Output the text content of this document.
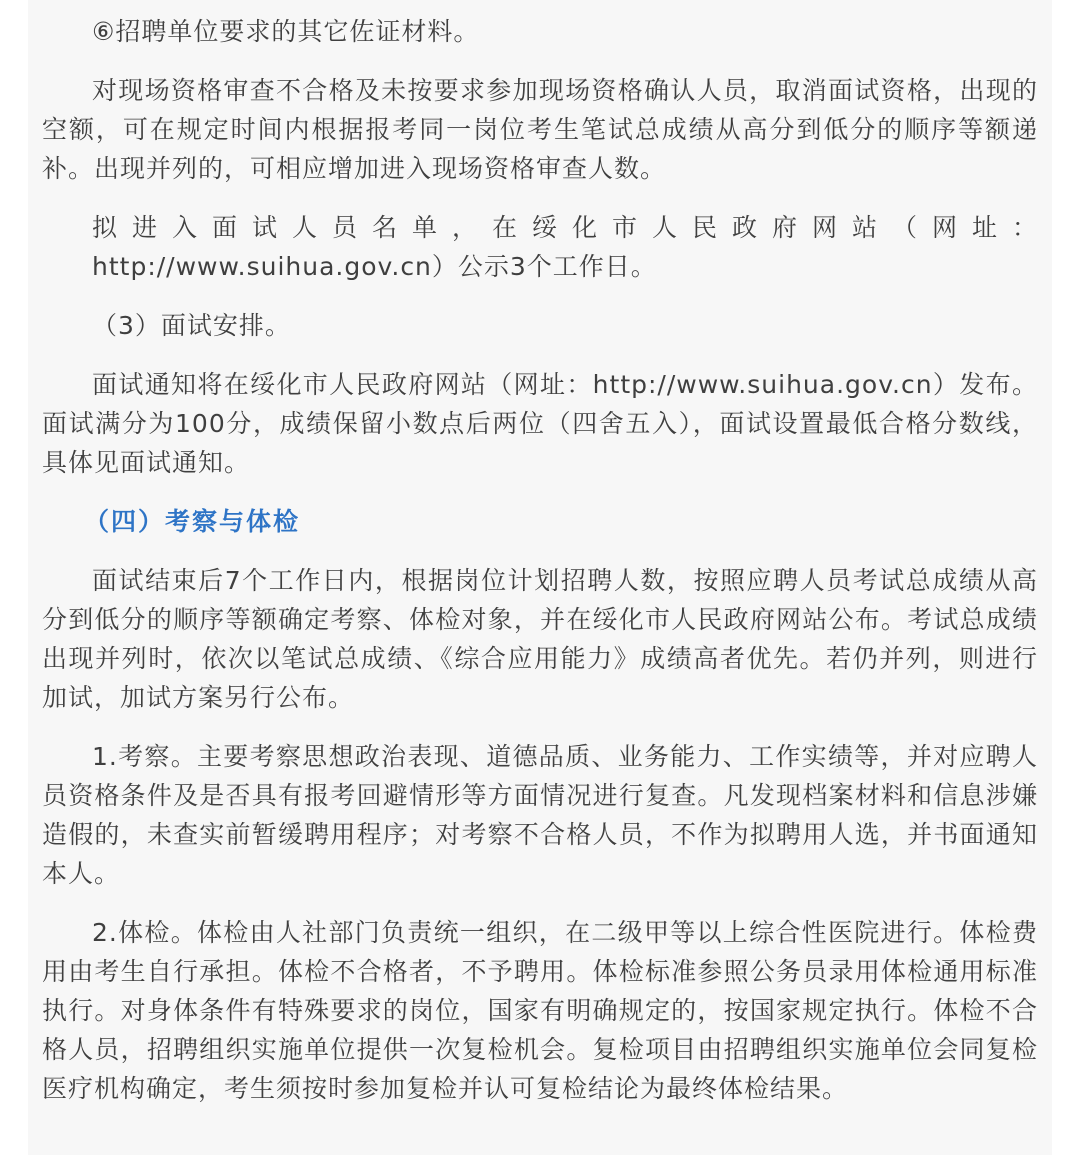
⑥招聘单位要求的其它佐证材料。

对现场资格审查不合格及未按要求参加现场资格确认人员，取消面试资格，出现的空额，可在规定时间内根据报考同一岗位考生笔试总成绩从高分到低分的顺序等额递补。出现并列的，可相应增加进入现场资格审查人数。

拟进入面试人员名单，在绥化市人民政府网站（网址：
http://www.suihua.gov.cn）公示3个工作日。

（3）面试安排。

面试通知将在绥化市人民政府网站（网址：http://www.suihua.gov.cn）发布。面试满分为100分，成绩保留小数点后两位（四舍五入），面试设置最低合格分数线，具体见面试通知。

（四）考察与体检

面试结束后7个工作日内，根据岗位计划招聘人数，按照应聘人员考试总成绩从高分到低分的顺序等额确定考察、体检对象，并在绥化市人民政府网站公布。考试总成绩出现并列时，依次以笔试总成绩、《综合应用能力》成绩高者优先。若仍并列，则进行加试，加试方案另行公布。

1.考察。主要考察思想政治表现、道德品质、业务能力、工作实绩等，并对应聘人员资格条件及是否具有报考回避情形等方面情况进行复查。凡发现档案材料和信息涉嫌造假的，未查实前暂缓聘用程序；对考察不合格人员，不作为拟聘用人选，并书面通知本人。

2.体检。体检由人社部门负责统一组织，在二级甲等以上综合性医院进行。体检费用由考生自行承担。体检不合格者，不予聘用。体检标准参照公务员录用体检通用标准执行。对身体条件有特殊要求的岗位，国家有明确规定的，按国家规定执行。体检不合格人员，招聘组织实施单位提供一次复检机会。复检项目由招聘组织实施单位会同复检医疗机构确定，考生须按时参加复检并认可复检结论为最终体检结果。
